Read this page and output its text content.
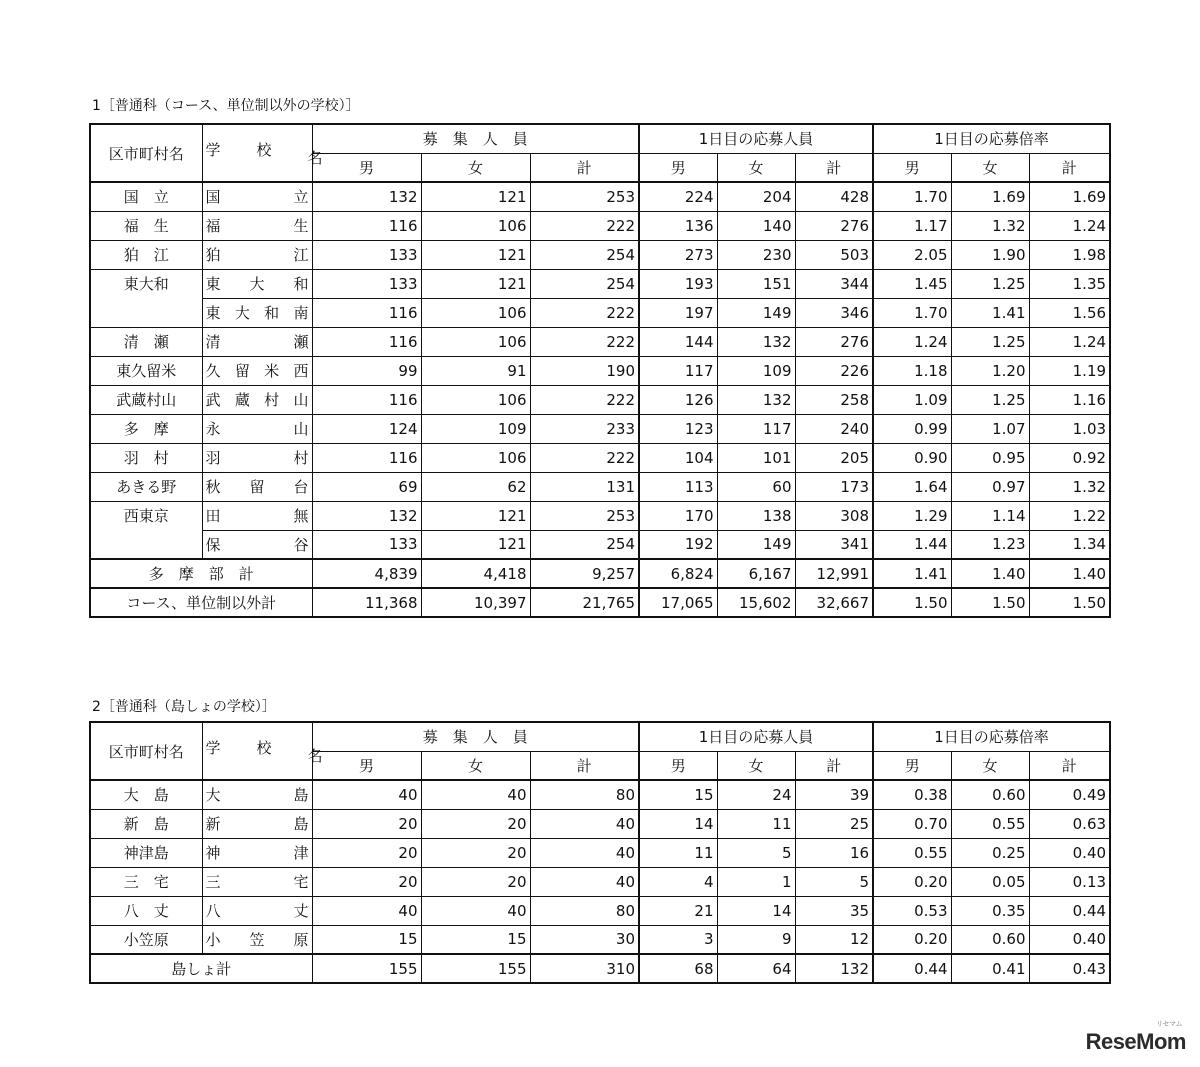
1［普通科（コース、単位制以外の学校）］
区市町村名	学 校 名	募　集　人　員			1日目の応募人員			1日目の応募倍率		
		男	女	計	男	女	計	男	女	計
国　立	国立	132	121	253	224	204	428	1.70	1.69	1.69
福　生	福生	116	106	222	136	140	276	1.17	1.32	1.24
狛　江	狛江	133	121	254	273	230	503	2.05	1.90	1.98
東大和	東大和	133	121	254	193	151	344	1.45	1.25	1.35
	東大和南	116	106	222	197	149	346	1.70	1.41	1.56
清　瀬	清瀬	116	106	222	144	132	276	1.24	1.25	1.24
東久留米	久留米西	99	91	190	117	109	226	1.18	1.20	1.19
武蔵村山	武蔵村山	116	106	222	126	132	258	1.09	1.25	1.16
多　摩	永山	124	109	233	123	117	240	0.99	1.07	1.03
羽　村	羽村	116	106	222	104	101	205	0.90	0.95	0.92
あきる野	秋留台	69	62	131	113	60	173	1.64	0.97	1.32
西東京	田無	132	121	253	170	138	308	1.29	1.14	1.22
	保谷	133	121	254	192	149	341	1.44	1.23	1.34
多　摩　部　計		4,839	4,418	9,257	6,824	6,167	12,991	1.41	1.40	1.40
コース、単位制以外計		11,368	10,397	21,765	17,065	15,602	32,667	1.50	1.50	1.50
2［普通科（島しょの学校）］
区市町村名	学 校 名	募　集　人　員			1日目の応募人員			1日目の応募倍率		
		男	女	計	男	女	計	男	女	計
大　島	大島	40	40	80	15	24	39	0.38	0.60	0.49
新　島	新島	20	20	40	14	11	25	0.70	0.55	0.63
神津島	神津	20	20	40	11	5	16	0.55	0.25	0.40
三　宅	三宅	20	20	40	4	1	5	0.20	0.05	0.13
八　丈	八丈	40	40	80	21	14	35	0.53	0.35	0.44
小笠原	小笠原	15	15	30	3	9	12	0.20	0.60	0.40
島しょ計		155	155	310	68	64	132	0.44	0.41	0.43
リセマム
ReseMom
